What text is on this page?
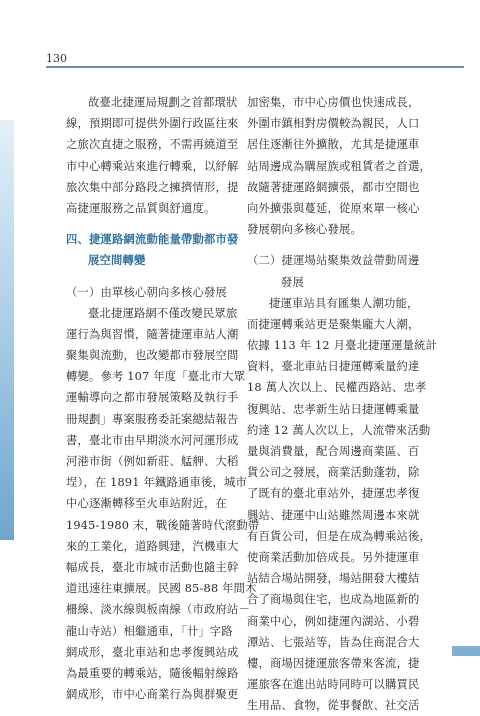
130
故臺北捷運局規劃之首都環狀
線，預期即可提供外圍行政區往來
之旅次直捷之服務，不需再繞道至
市中心轉乘站來進行轉乘，以紓解
旅次集中部分路段之擁擠情形，提
高捷運服務之品質與舒適度。
四、捷運路網流動能量帶動都市發
展空間轉變
（一）由單核心朝向多核心發展
臺北捷運路網不僅改變民眾旅
運行為與習慣，隨著捷運車站人潮
聚集與流動，也改變都市發展空間
轉變。參考 107 年度「臺北市大眾
運輸導向之都市發展策略及執行手
冊規劃」專案服務委託案總結報告
書，臺北市由早期淡水河河運形成
河港市街（例如新莊、艋舺、大稻
埕），在 1891 年鐵路通車後，城市
中心逐漸轉移至火車站附近，在
1945-1980 末，戰後隨著時代滾動帶
來的工業化，道路興建，汽機車大
幅成長，臺北市城市活動也隨主幹
道迅速往東擴展。民國 85-88 年間木
柵線、淡水線與板南線（市政府站－
龍山寺站）相繼通車，「卄」字路
網成形，臺北車站和忠孝復興站成
為最重要的轉乘站，隨後輻射線路
網成形，市中心商業行為與群聚更
加密集，市中心房價也快速成長，
外圍市鎮相對房價較為親民，人口
居住逐漸往外擴散，尤其是捷運車
站周邊成為購屋族或租賃者之首選，
故隨著捷運路網擴張，都市空間也
向外擴張與蔓延，從原來單一核心
發展朝向多核心發展。
（二）捷運場站聚集效益帶動周邊
發展
捷運車站具有匯集人潮功能，
而捷運轉乘站更是聚集龐大人潮，
依據 113 年 12 月臺北捷運運量統計
資料，臺北車站日捷運轉乘量約達
18 萬人次以上、民權西路站、忠孝
復興站、忠孝新生站日捷運轉乘量
約達 12 萬人次以上，人流帶來活動
量與消費量，配合周邊商業區、百
貨公司之發展，商業活動蓬勃，除
了既有的臺北車站外，捷運忠孝復
興站、捷運中山站雖然周邊本來就
有百貨公司，但是在成為轉乘站後，
使商業活動加倍成長。另外捷運車
站結合場站開發，場站開發大樓結
合了商場與住宅，也成為地區新的
商業中心，例如捷運內湖站、小碧
潭站、七張站等，皆為住商混合大
樓，商場因捷運旅客帶來客流，捷
運旅客在進出站時同時可以購買民
生用品、食物，從事餐飲、社交活
